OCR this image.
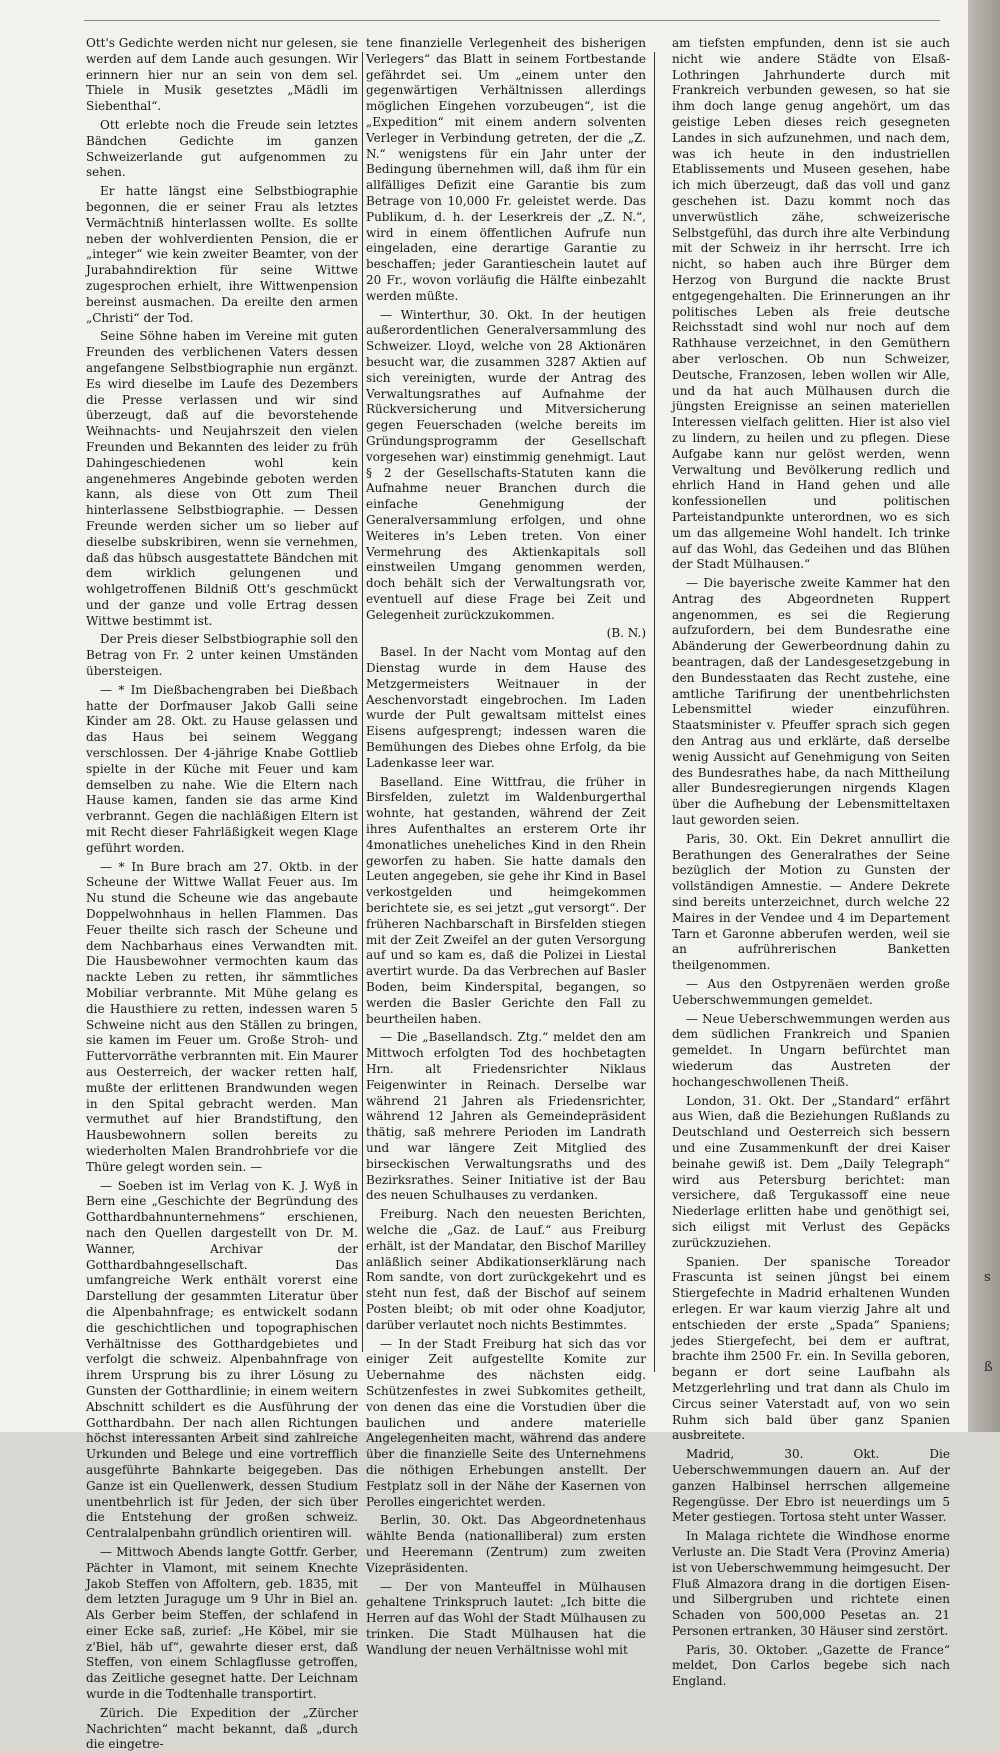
Ott's Gedichte werden nicht nur gelesen, sie werden auf dem Lande auch gesungen. Wir erinnern hier nur an sein von dem sel. Thiele in Musik gesetztes „Mädli im Siebenthal“.

Ott erlebte noch die Freude sein letztes Bändchen Gedichte im ganzen Schweizerlande gut aufgenommen zu sehen.

Er hatte längst eine Selbstbiographie begonnen, die er seiner Frau als letztes Vermächtniß hinterlassen wollte. Es sollte neben der wohlverdienten Pension, die er „integer“ wie kein zweiter Beamter, von der Jurabahndirektion für seine Wittwe zugesprochen erhielt, ihre Wittwenpension bereinst ausmachen. Da ereilte den armen „Christi“ der Tod.

Seine Söhne haben im Vereine mit guten Freunden des verblichenen Vaters dessen angefangene Selbstbiographie nun ergänzt. Es wird dieselbe im Laufe des Dezembers die Presse verlassen und wir sind überzeugt, daß auf die bevorstehende Weihnachts- und Neujahrszeit den vielen Freunden und Bekannten des leider zu früh Dahingeschiedenen wohl kein angenehmeres Angebinde geboten werden kann, als diese von Ott zum Theil hinterlassene Selbstbiographie. — Dessen Freunde werden sicher um so lieber auf dieselbe subskribiren, wenn sie vernehmen, daß das hübsch ausgestattete Bändchen mit dem wirklich gelungenen und wohlgetroffenen Bildniß Ott's geschmückt und der ganze und volle Ertrag dessen Wittwe bestimmt ist.

Der Preis dieser Selbstbiographie soll den Betrag von Fr. 2 unter keinen Umständen übersteigen.

— * Im Dießbachengraben bei Dießbach hatte der Dorfmauser Jakob Galli seine Kinder am 28. Okt. zu Hause gelassen und das Haus bei seinem Weggang verschlossen. Der 4-jährige Knabe Gottlieb spielte in der Küche mit Feuer und kam demselben zu nahe. Wie die Eltern nach Hause kamen, fanden sie das arme Kind verbrannt. Gegen die nachläßigen Eltern ist mit Recht dieser Fahrläßigkeit wegen Klage geführt worden.

— * In Bure brach am 27. Oktb. in der Scheune der Wittwe Wallat Feuer aus. Im Nu stund die Scheune wie das angebaute Doppelwohnhaus in hellen Flammen. Das Feuer theilte sich rasch der Scheune und dem Nachbarhaus eines Verwandten mit. Die Hausbewohner vermochten kaum das nackte Leben zu retten, ihr sämmtliches Mobiliar verbrannte. Mit Mühe gelang es die Hausthiere zu retten, indessen waren 5 Schweine nicht aus den Ställen zu bringen, sie kamen im Feuer um. Große Stroh- und Futtervorräthe verbrannten mit. Ein Maurer aus Oesterreich, der wacker retten half, mußte der erlittenen Brandwunden wegen in den Spital gebracht werden. Man vermuthet auf hier Brandstiftung, den Hausbewohnern sollen bereits zu wiederholten Malen Brandrohbriefe vor die Thüre gelegt worden sein. —

— Soeben ist im Verlag von K. J. Wyß in Bern eine „Geschichte der Begründung des Gotthardbahnunternehmens“ erschienen, nach den Quellen dargestellt von Dr. M. Wanner, Archivar der Gotthardbahngesellschaft. Das umfangreiche Werk enthält vorerst eine Darstellung der gesammten Literatur über die Alpenbahnfrage; es entwickelt sodann die geschichtlichen und topographischen Verhältnisse des Gotthardgebietes und verfolgt die schweiz. Alpenbahnfrage von ihrem Ursprung bis zu ihrer Lösung zu Gunsten der Gotthardlinie; in einem weitern Abschnitt schildert es die Ausführung der Gotthardbahn. Der nach allen Richtungen höchst interessanten Arbeit sind zahlreiche Urkunden und Belege und eine vortrefflich ausgeführte Bahnkarte beigegeben. Das Ganze ist ein Quellenwerk, dessen Studium unentbehrlich ist für Jeden, der sich über die Entstehung der großen schweiz. Centralalpenbahn gründlich orientiren will.

— Mittwoch Abends langte Gottfr. Gerber, Pächter in Vlamont, mit seinem Knechte Jakob Steffen von Affoltern, geb. 1835, mit dem letzten Juraguge um 9 Uhr in Biel an. Als Gerber beim Steffen, der schlafend in einer Ecke saß, zurief: „He Köbel, mir sie z'Biel, häb uf“, gewahrte dieser erst, daß Steffen, von einem Schlagflusse getroffen, das Zeitliche gesegnet hatte. Der Leichnam wurde in die Todtenhalle transportirt.

Zürich. Die Expedition der „Zürcher Nachrichten“ macht bekannt, daß „durch die eingetre-

tene finanzielle Verlegenheit des bisherigen Verlegers“ das Blatt in seinem Fortbestande gefährdet sei. Um „einem unter den gegenwärtigen Verhältnissen allerdings möglichen Eingehen vorzubeugen“, ist die „Expedition“ mit einem andern solventen Verleger in Verbindung getreten, der die „Z. N.“ wenigstens für ein Jahr unter der Bedingung übernehmen will, daß ihm für ein allfälliges Defizit eine Garantie bis zum Betrage von 10,000 Fr. geleistet werde. Das Publikum, d. h. der Leserkreis der „Z. N.“, wird in einem öffentlichen Aufrufe nun eingeladen, eine derartige Garantie zu beschaffen; jeder Garantieschein lautet auf 20 Fr., wovon vorläufig die Hälfte einbezahlt werden müßte.

— Winterthur, 30. Okt. In der heutigen außerordentlichen Generalversammlung des Schweizer. Lloyd, welche von 28 Aktionären besucht war, die zusammen 3287 Aktien auf sich vereinigten, wurde der Antrag des Verwaltungsrathes auf Aufnahme der Rückversicherung und Mitversicherung gegen Feuerschaden (welche bereits im Gründungsprogramm der Gesellschaft vorgesehen war) einstimmig genehmigt. Laut § 2 der Gesellschafts-Statuten kann die Aufnahme neuer Branchen durch die einfache Genehmigung der Generalversammlung erfolgen, und ohne Weiteres in's Leben treten. Von einer Vermehrung des Aktienkapitals soll einstweilen Umgang genommen werden, doch behält sich der Verwaltungsrath vor, eventuell auf diese Frage bei Zeit und Gelegenheit zurückzukommen.

(B. N.)

Basel. In der Nacht vom Montag auf den Dienstag wurde in dem Hause des Metzgermeisters Weitnauer in der Aeschenvorstadt eingebrochen. Im Laden wurde der Pult gewaltsam mittelst eines Eisens aufgesprengt; indessen waren die Bemühungen des Diebes ohne Erfolg, da bie Ladenkasse leer war.

Baselland. Eine Wittfrau, die früher in Birsfelden, zuletzt im Waldenburgerthal wohnte, hat gestanden, während der Zeit ihres Aufenthaltes an ersterem Orte ihr 4monatliches uneheliches Kind in den Rhein geworfen zu haben. Sie hatte damals den Leuten angegeben, sie gehe ihr Kind in Basel verkostgelden und heimgekommen berichtete sie, es sei jetzt „gut versorgt“. Der früheren Nachbarschaft in Birsfelden stiegen mit der Zeit Zweifel an der guten Versorgung auf und so kam es, daß die Polizei in Liestal avertirt wurde. Da das Verbrechen auf Basler Boden, beim Kinderspital, begangen, so werden die Basler Gerichte den Fall zu beurtheilen haben.

— Die „Basellandsch. Ztg.“ meldet den am Mittwoch erfolgten Tod des hochbetagten Hrn. alt Friedensrichter Niklaus Feigenwinter in Reinach. Derselbe war während 21 Jahren als Friedensrichter, während 12 Jahren als Gemeindepräsident thätig, saß mehrere Perioden im Landrath und war längere Zeit Mitglied des birseckischen Verwaltungsraths und des Bezirksrathes. Seiner Initiative ist der Bau des neuen Schulhauses zu verdanken.

Freiburg. Nach den neuesten Berichten, welche die „Gaz. de Lauf.“ aus Freiburg erhält, ist der Mandatar, den Bischof Marilley anläßlich seiner Abdikationserklärung nach Rom sandte, von dort zurückgekehrt und es steht nun fest, daß der Bischof auf seinem Posten bleibt; ob mit oder ohne Koadjutor, darüber verlautet noch nichts Bestimmtes.

— In der Stadt Freiburg hat sich das vor einiger Zeit aufgestellte Komite zur Uebernahme des nächsten eidg. Schützenfestes in zwei Subkomites getheilt, von denen das eine die Vorstudien über die baulichen und andere materielle Angelegenheiten macht, während das andere über die finanzielle Seite des Unternehmens die nöthigen Erhebungen anstellt. Der Festplatz soll in der Nähe der Kasernen von Perolles eingerichtet werden.

Berlin, 30. Okt. Das Abgeordnetenhaus wählte Benda (nationalliberal) zum ersten und Heeremann (Zentrum) zum zweiten Vizepräsidenten.

— Der von Manteuffel in Mülhausen gehaltene Trinkspruch lautet: „Ich bitte die Herren auf das Wohl der Stadt Mülhausen zu trinken. Die Stadt Mülhausen hat die Wandlung der neuen Verhältnisse wohl mit

am tiefsten empfunden, denn ist sie auch nicht wie andere Städte von Elsaß-Lothringen Jahrhunderte durch mit Frankreich verbunden gewesen, so hat sie ihm doch lange genug angehört, um das geistige Leben dieses reich gesegneten Landes in sich aufzunehmen, und nach dem, was ich heute in den industriellen Etablissements und Museen gesehen, habe ich mich überzeugt, daß das voll und ganz geschehen ist. Dazu kommt noch das unverwüstlich zähe, schweizerische Selbstgefühl, das durch ihre alte Verbindung mit der Schweiz in ihr herrscht. Irre ich nicht, so haben auch ihre Bürger dem Herzog von Burgund die nackte Brust entgegengehalten. Die Erinnerungen an ihr politisches Leben als freie deutsche Reichsstadt sind wohl nur noch auf dem Rathhause verzeichnet, in den Gemüthern aber verloschen. Ob nun Schweizer, Deutsche, Franzosen, leben wollen wir Alle, und da hat auch Mülhausen durch die jüngsten Ereignisse an seinen materiellen Interessen vielfach gelitten. Hier ist also viel zu lindern, zu heilen und zu pflegen. Diese Aufgabe kann nur gelöst werden, wenn Verwaltung und Bevölkerung redlich und ehrlich Hand in Hand gehen und alle konfessionellen und politischen Parteistandpunkte unterordnen, wo es sich um das allgemeine Wohl handelt. Ich trinke auf das Wohl, das Gedeihen und das Blühen der Stadt Mülhausen.“

— Die bayerische zweite Kammer hat den Antrag des Abgeordneten Ruppert angenommen, es sei die Regierung aufzufordern, bei dem Bundesrathe eine Abänderung der Gewerbeordnung dahin zu beantragen, daß der Landesgesetzgebung in den Bundesstaaten das Recht zustehe, eine amtliche Tarifirung der unentbehrlichsten Lebensmittel wieder einzuführen. Staatsminister v. Pfeuffer sprach sich gegen den Antrag aus und erklärte, daß derselbe wenig Aussicht auf Genehmigung von Seiten des Bundesrathes habe, da nach Mittheilung aller Bundesregierungen nirgends Klagen über die Aufhebung der Lebensmitteltaxen laut geworden seien.

Paris, 30. Okt. Ein Dekret annullirt die Berathungen des Generalrathes der Seine bezüglich der Motion zu Gunsten der vollständigen Amnestie. — Andere Dekrete sind bereits unterzeichnet, durch welche 22 Maires in der Vendee und 4 im Departement Tarn et Garonne abberufen werden, weil sie an aufrührerischen Banketten theilgenommen.

— Aus den Ostpyrenäen werden große Ueberschwemmungen gemeldet.

— Neue Ueberschwemmungen werden aus dem südlichen Frankreich und Spanien gemeldet. In Ungarn befürchtet man wiederum das Austreten der hochangeschwollenen Theiß.

London, 31. Okt. Der „Standard“ erfährt aus Wien, daß die Beziehungen Rußlands zu Deutschland und Oesterreich sich bessern und eine Zusammenkunft der drei Kaiser beinahe gewiß ist. Dem „Daily Telegraph“ wird aus Petersburg berichtet: man versichere, daß Tergukassoff eine neue Niederlage erlitten habe und genöthigt sei, sich eiligst mit Verlust des Gepäcks zurückzuziehen.

Spanien. Der spanische Toreador Frascunta ist seinen jüngst bei einem Stiergefechte in Madrid erhaltenen Wunden erlegen. Er war kaum vierzig Jahre alt und entschieden der erste „Spada“ Spaniens; jedes Stiergefecht, bei dem er auftrat, brachte ihm 2500 Fr. ein. In Sevilla geboren, begann er dort seine Laufbahn als Metzgerlehrling und trat dann als Chulo im Circus seiner Vaterstadt auf, von wo sein Ruhm sich bald über ganz Spanien ausbreitete.

Madrid, 30. Okt. Die Ueberschwemmungen dauern an. Auf der ganzen Halbinsel herrschen allgemeine Regengüsse. Der Ebro ist neuerdings um 5 Meter gestiegen. Tortosa steht unter Wasser.

In Malaga richtete die Windhose enorme Verluste an. Die Stadt Vera (Provinz Ameria) ist von Ueberschwemmung heimgesucht. Der Fluß Almazora drang in die dortigen Eisen- und Silbergruben und richtete einen Schaden von 500,000 Pesetas an. 21 Personen ertranken, 30 Häuser sind zerstört.

Paris, 30. Oktober. „Gazette de France“ meldet, Don Carlos begebe sich nach England.

s
ß
